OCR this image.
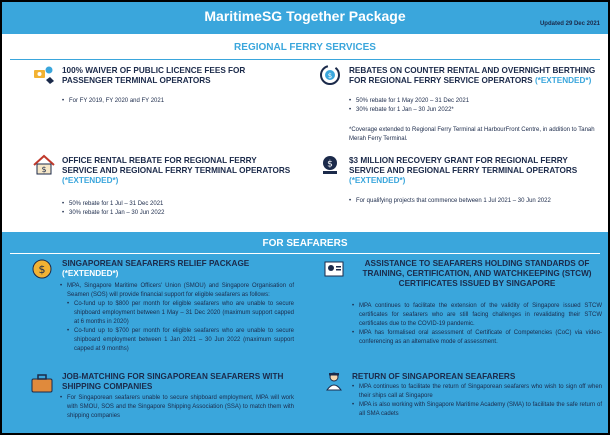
MaritimeSG Together Package	Updated 29 Dec 2021
REGIONAL FERRY SERVICES
100% WAIVER OF PUBLIC LICENCE FEES FOR PASSENGER TERMINAL OPERATORS
• For FY 2019, FY 2020 and FY 2021
$
REBATES ON COUNTER RENTAL AND OVERNIGHT BERTHING FOR REGIONAL FERRY SERVICE OPERATORS (*EXTENDED*)
• 50% rebate for 1 May 2020 – 31 Dec 2021
• 30% rebate for 1 Jan – 30 Jun 2022*
*Coverage extended to Regional Ferry Terminal at HarbourFront Centre, in addition to Tanah Merah Ferry Terminal.
$
OFFICE RENTAL REBATE FOR REGIONAL FERRY SERVICE AND REGIONAL FERRY TERMINAL OPERATORS (*EXTENDED*)
• 50% rebate for 1 Jul – 31 Dec 2021
• 30% rebate for 1 Jan – 30 Jun 2022
$ $3 MILLION RECOVERY GRANT FOR REGIONAL FERRY SERVICE AND REGIONAL FERRY TERMINAL OPERATORS (*EXTENDED*)
• For qualifying projects that commence between 1 Jul 2021 – 30 Jun 2022
FOR SEAFARERS
$ SINGAPOREAN SEAFARERS RELIEF PACKAGE
(*EXTENDED*)
• MPA, Singapore Maritime Officers' Union (SMOU) and Singapore Organisation of Seamen (SOS) will provide financial support for eligible seafarers as follows:
• Co-fund up to $800 per month for eligible seafarers who are unable to secure shipboard employment between 1 May – 31 Dec 2020 (maximum support capped at 6 months in 2020)
• Co-fund up to $700 per month for eligible seafarers who are unable to secure shipboard employment between 1 Jan 2021 – 30 Jun 2022 (maximum support capped at 9 months)
ASSISTANCE TO SEAFARERS HOLDING STANDARDS OF TRAINING, CERTIFICATION, AND WATCHKEEPING (STCW) CERTIFICATES ISSUED BY SINGAPORE
• MPA continues to facilitate the extension of the validity of Singapore issued STCW certificates for seafarers who are still facing challenges in revalidating their STCW certificates due to the COVID-19 pandemic.
• MPA has formalised oral assessment of Certificate of Competencies (CoC) via video-conferencing as an alternative mode of assessment.
JOB-MATCHING FOR SINGAPOREAN SEAFARERS WITH SHIPPING COMPANIES
• For Singaporean seafarers unable to secure shipboard employment, MPA will work with SMOU, SOS and the Singapore Shipping Association (SSA) to match them with shipping companies
RETURN OF SINGAPOREAN SEAFARERS
• MPA continues to facilitate the return of Singaporean seafarers who wish to sign off when their ships call at Singapore
• MPA is also working with Singapore Maritime Academy (SMA) to facilitate the safe return of all SMA cadets
